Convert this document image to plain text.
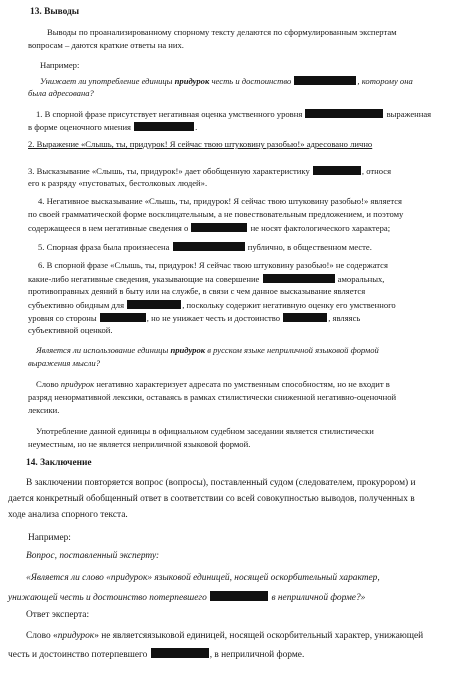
13. Выводы
Выводы по проанализированному спорному тексту делаются по сформулированным экспертам
вопросам – даются краткие ответы на них.
Например:
Унижает ли употребление единицы придурок честь и достоинство	, которому она
была адресована?
1. В спорной фразе присутствует негативная оценка умственного уровня	выраженная
в форме оценочного мнения	.
2. Выражение «Слышь, ты, придурок! Я сейчас твою штуковину разобью!» адресовано лично
3. Высказывание «Слышь, ты, придурок!» дает обобщенную характеристику	, относя
его к разряду «пустоватых, бестолковых людей».
4. Негативное высказывание «Слышь, ты, придурок! Я сейчас твою штуковину разобью!» является
по своей грамматической форме восклицательным, а не повествовательным предложением, и поэтому
содержащееся в нем негативные сведения о	не носят фактологического характера;
5. Спорная фраза была произнесена	публично, в общественном месте.
6. В спорной фразе «Слышь, ты, придурок! Я сейчас твою штуковину разобью!» не содержатся
какие-либо негативные сведения, указывающие на совершение	аморальных,
противоправных деяний в быту или на службе, в связи с чем данное высказывание является
субъективно обидным для	, поскольку содержит негативную оценку его умственного
уровня со стороны	, но не унижает честь и достоинство	, являясь
субъективной оценкой.
Является ли использование единицы придурок в русском языке неприличной языковой формой
выражения мысли?
Слово придурок негативно характеризует адресата по умственным способностям, но не входит в
разряд ненормативной лексики, оставаясь в рамках стилистически сниженной негативно-оценочной
лексики.
Употребление данной единицы в официальном судебном заседании является стилистически
неуместным, но не является неприличной языковой формой.
14. Заключение
В заключении повторяется вопрос (вопросы), поставленный судом (следователем, прокурором) и
дается конкретный обобщенный ответ в соответствии со всей совокупностью выводов, полученных в
ходе анализа спорного текста.
Например:
Вопрос, поставленный эксперту:
«Является ли слово «придурок» языковой единицей, носящей оскорбительный характер,
унижающей честь и достоинство потерпевшего	в неприличной форме?»
Ответ эксперта:
Слово «придурок» не являетсяязыковой единицей, носящей оскорбительный характер, унижающей
честь и достоинство потерпевшего	, в неприличной форме.
